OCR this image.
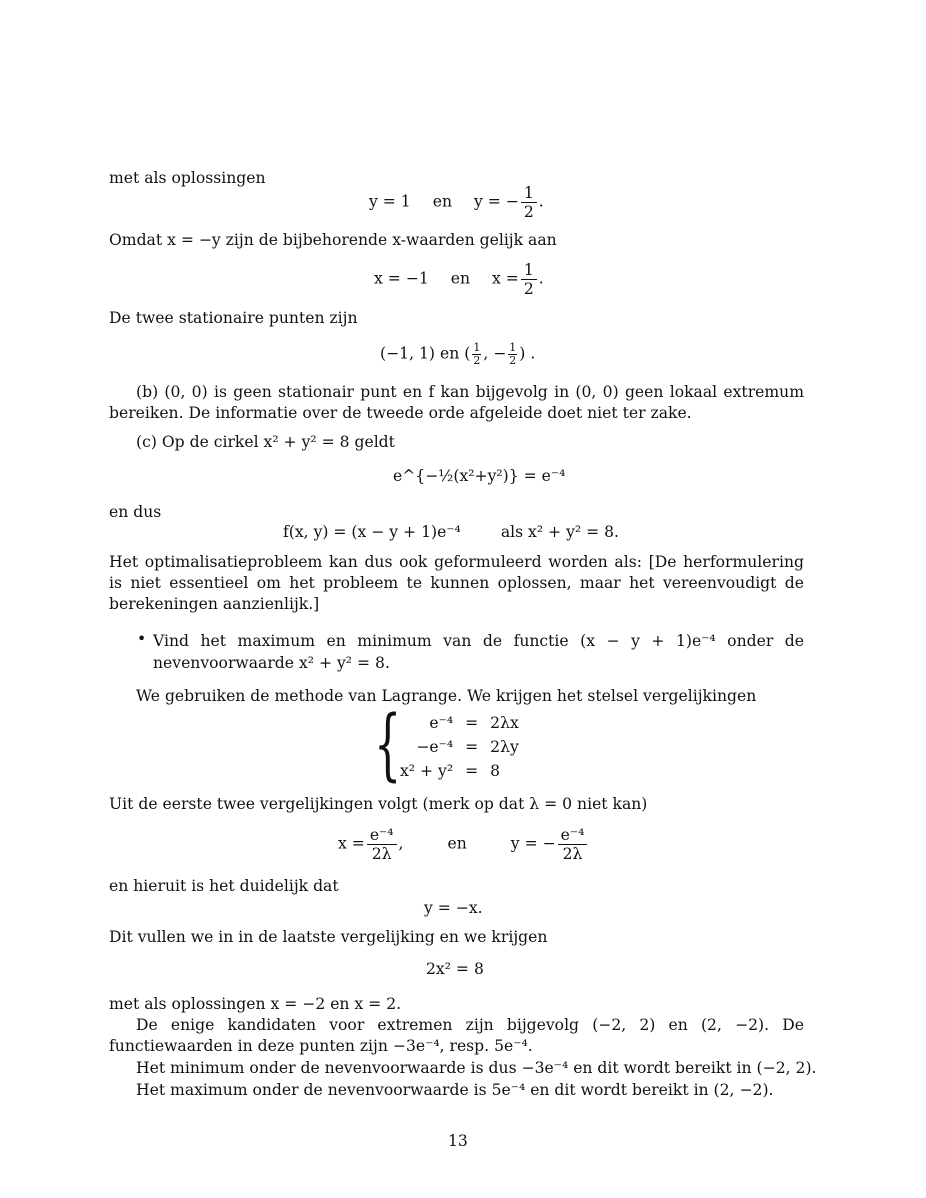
met als oplossingen
y = 1 en y = − $\frac{1}{2}$ .
Omdat x = −y zijn de bijbehorende x-waarden gelijk aan
x = −1 en $x = \frac{1}{2}$ .
De twee stationaire punten zijn
(−1, 1) en ( $\frac{1}{2}$ , − $\frac{1}{2}$ ) .
(b) (0, 0) is geen stationair punt en f kan bijgevolg in (0, 0) geen lokaal extremum bereiken. De informatie over de tweede orde afgeleide doet niet ter zake.
(c) Op de cirkel x² + y² = 8 geldt
e^{−½(x²+y²)} = e⁻⁴
en dus
f(x, y) = (x − y + 1)e⁻⁴	als x² + y² = 8.
Het optimalisatieprobleem kan dus ook geformuleerd worden als: [De herformulering is niet essentieel om het probleem te kunnen oplossen, maar het vereenvoudigt de berekeningen aanzienlijk.]
• Vind het maximum en minimum van de functie (x − y + 1)e⁻⁴ onder de nevenvoorwaarde x² + y² = 8.
We gebruiken de methode van Lagrange. We krijgen het stelsel vergelijkingen
{ e⁻⁴	=	2λx
−e⁻⁴	=	2λy
x² + y²	=	8
Uit de eerste twee vergelijkingen volgt (merk op dat λ = 0 niet kan)
$x = \frac{\text{e⁻⁴}}{2\lambda}$ ,	en	y = − $\frac{\text{e⁻⁴}}{2\lambda}$
en hieruit is het duidelijk dat
y = −x.
Dit vullen we in in de laatste vergelijking en we krijgen
2x² = 8
met als oplossingen x = −2 en x = 2.
De enige kandidaten voor extremen zijn bijgevolg (−2, 2) en (2, −2). De functiewaarden in deze punten zijn −3e⁻⁴, resp. 5e⁻⁴.
Het minimum onder de nevenvoorwaarde is dus −3e⁻⁴ en dit wordt bereikt in (−2, 2).
Het maximum onder de nevenvoorwaarde is 5e⁻⁴ en dit wordt bereikt in (2, −2).
13
